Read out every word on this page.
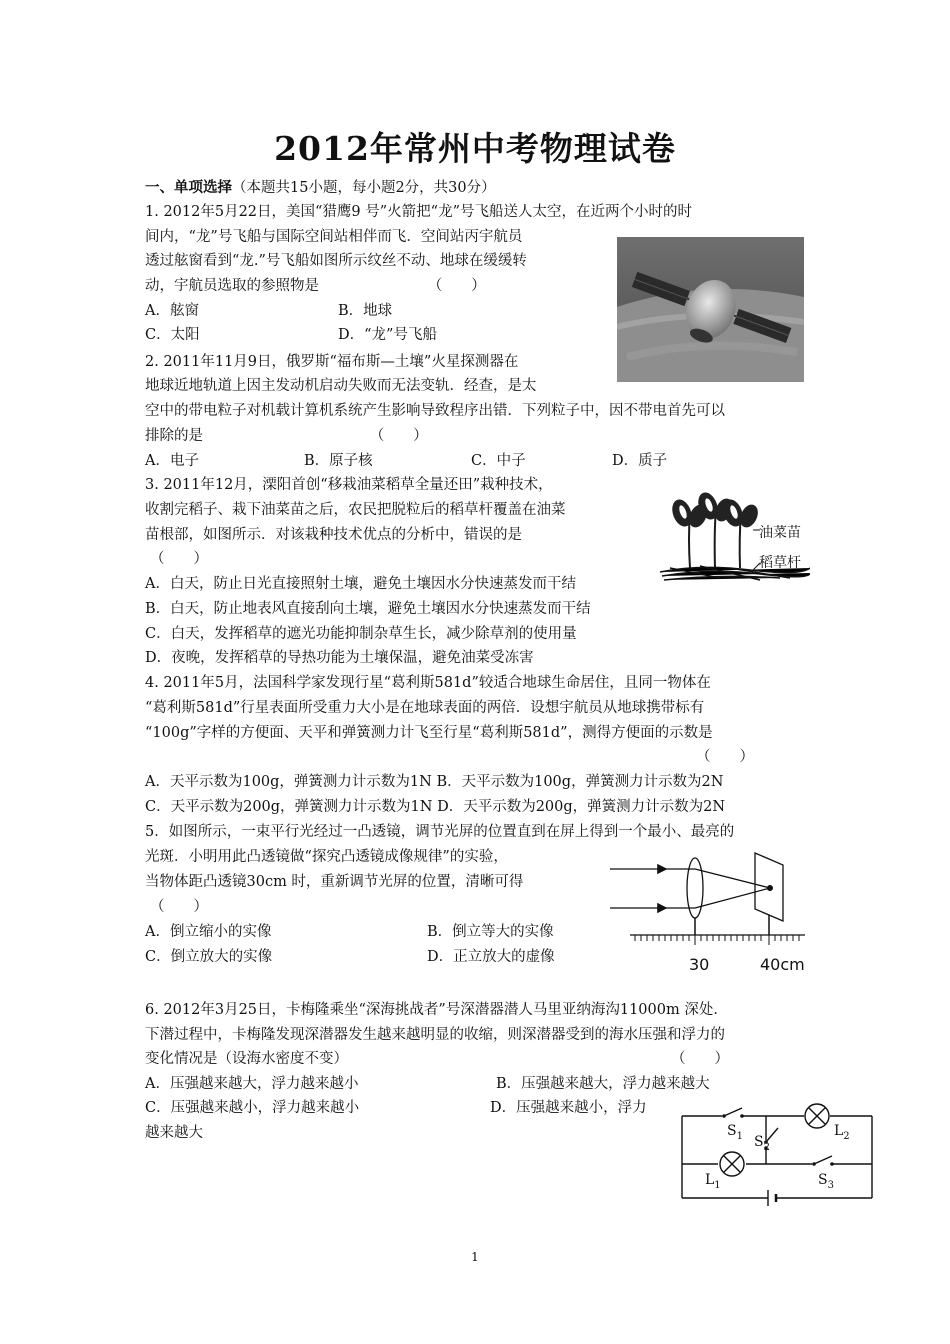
2012年常州中考物理试卷
一、单项选择（本题共15小题，每小题2分，共30分）
1. 2012年5月22日，美国“猎鹰9 号”火箭把“龙”号飞船送人太空，在近两个小时的时
间内，“龙”号飞船与国际空间站相伴而飞．空间站丙宇航员
透过舷窗看到“龙.”号飞船如图所示纹丝不动、地球在缓缓转
动，宇航员选取的参照物是　　　　　　　　（　　）
A．舷窗	B．地球
C．太阳	D．“龙”号飞船
2. 2011年11月9日，俄罗斯“福布斯—土壤”火星探测器在
地球近地轨道上因主发动机启动失败而无法变轨．经查，是太
空中的带电粒子对机载计算机系统产生影响导致程序出错．下列粒子中，因不带电首先可以
排除的是　　　　　　　　　　　　（　　）
A．电子	B．原子核	C．中子	D．质子
3. 2011年12月，溧阳首创“移栽油菜稻草全量还田”栽种技术，
收割完稻子、栽下油菜苗之后，农民把脱粒后的稻草杆覆盖在油菜
苗根部，如图所示．对该栽种技术优点的分析中，错误的是
（　　）
A．白天，防止日光直接照射土壤，避免土壤因水分快速蒸发而干结
B．白天，防止地表风直接刮向土壤，避免土壤因水分快速蒸发而干结
C．白天，发挥稻草的遮光功能抑制杂草生长，减少除草剂的使用量
D．夜晚，发挥稻草的导热功能为土壤保温，避免油菜受冻害
油菜苗
稻草杆
4. 2011年5月，法国科学家发现行星“葛利斯581d”较适合地球生命居住，且同一物体在
“葛利斯581d”行星表面所受重力大小是在地球表面的两倍．设想宇航员从地球携带标有
“100g”字样的方便面、天平和弹簧测力计飞至行星“葛利斯581d”，测得方便面的示数是
（　　）
A．天平示数为100g，弹簧测力计示数为1N B．天平示数为100g，弹簧测力计示数为2N
C．天平示数为200g，弹簧测力计示数为1N D．天平示数为200g，弹簧测力计示数为2N
5．如图所示，一束平行光经过一凸透镜，调节光屏的位置直到在屏上得到一个最小、最亮的
光斑．小明用此凸透镜做“探究凸透镜成像规律”的实验，
当物体距凸透镜30cm 时，重新调节光屏的位置，清晰可得
（　　）
A．倒立缩小的实像	B．倒立等大的实像
C．倒立放大的实像	D．正立放大的虚像	30	40cm
6. 2012年3月25日，卡梅隆乘坐“深海挑战者”号深潜器潜人马里亚纳海沟11000m 深处．
下潜过程中，卡梅隆发现深潜器发生越来越明显的收缩，则深潜器受到的海水压强和浮力的
变化情况是（设海水密度不变）	（　　）
A．压强越来越大，浮力越来越小	B．压强越来越大，浮力越来越大
C．压强越来越小，浮力越来越小	D．压强越来越小，浮力
越来越大	$S_1$ $S_2$
$L_2$
$L_1$	$S_3$
1
